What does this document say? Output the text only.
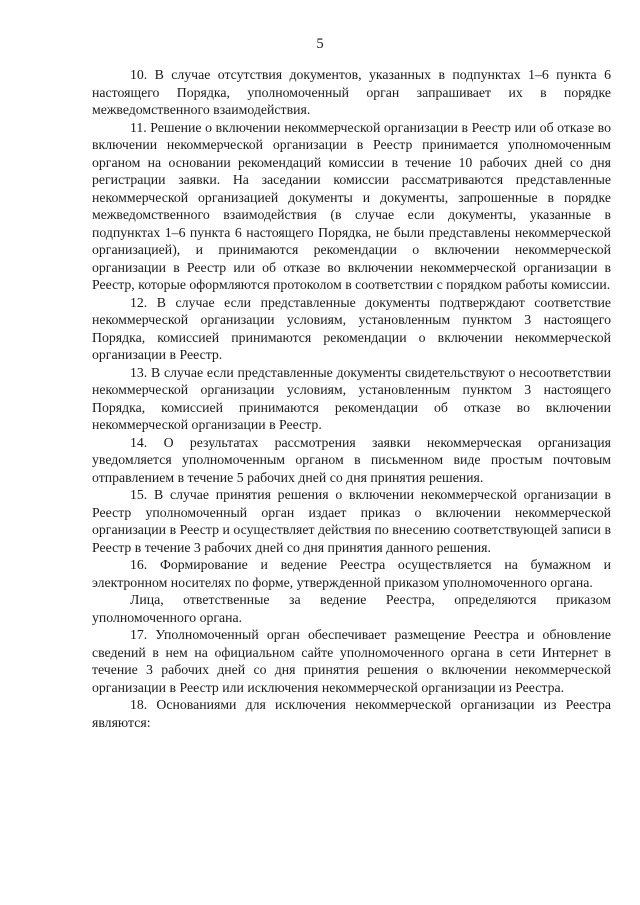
5

10. В случае отсутствия документов, указанных в подпунктах 1–6 пункта 6 настоящего Порядка, уполномоченный орган запрашивает их в порядке межведомственного взаимодействия.

11. Решение о включении некоммерческой организации в Реестр или об отказе во включении некоммерческой организации в Реестр принимается уполномоченным органом на основании рекомендаций комиссии в течение 10 рабочих дней со дня регистрации заявки. На заседании комиссии рассматриваются представленные некоммерческой организацией документы и документы, запрошенные в порядке межведомственного взаимодействия (в случае если документы, указанные в подпунктах 1–6 пункта 6 настоящего Порядка, не были представлены некоммерческой организацией), и принимаются рекомендации о включении некоммерческой организации в Реестр или об отказе во включении некоммерческой организации в Реестр, которые оформляются протоколом в соответствии с порядком работы комиссии.

12. В случае если представленные документы подтверждают соответствие некоммерческой организации условиям, установленным пунктом 3 настоящего Порядка, комиссией принимаются рекомендации о включении некоммерческой организации в Реестр.

13. В случае если представленные документы свидетельствуют о несоответствии некоммерческой организации условиям, установленным пунктом 3 настоящего Порядка, комиссией принимаются рекомендации об отказе во включении некоммерческой организации в Реестр.

14. О результатах рассмотрения заявки некоммерческая организация уведомляется уполномоченным органом в письменном виде простым почтовым отправлением в течение 5 рабочих дней со дня принятия решения.

15. В случае принятия решения о включении некоммерческой организации в Реестр уполномоченный орган издает приказ о включении некоммерческой организации в Реестр и осуществляет действия по внесению соответствующей записи в Реестр в течение 3 рабочих дней со дня принятия данного решения.

16. Формирование и ведение Реестра осуществляется на бумажном и электронном носителях по форме, утвержденной приказом уполномоченного органа.

Лица, ответственные за ведение Реестра, определяются приказом уполномоченного органа.

17. Уполномоченный орган обеспечивает размещение Реестра и обновление сведений в нем на официальном сайте уполномоченного органа в сети Интернет в течение 3 рабочих дней со дня принятия решения о включении некоммерческой организации в Реестр или исключения некоммерческой организации из Реестра.

18. Основаниями для исключения некоммерческой организации из Реестра являются:
